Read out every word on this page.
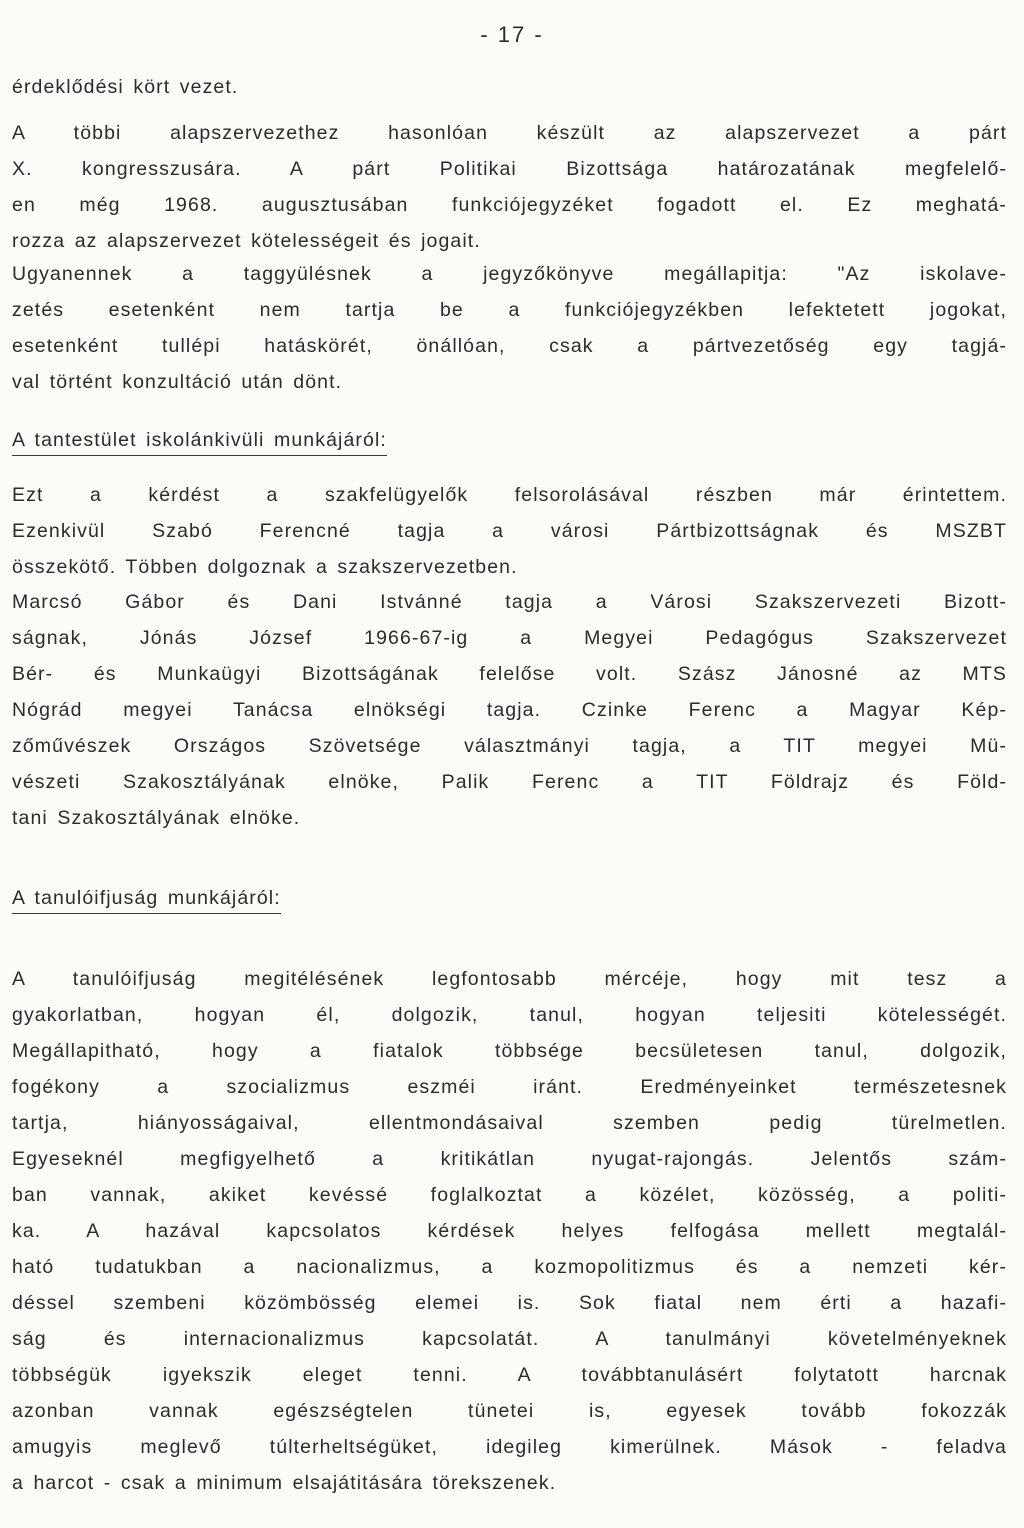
- 17 -
érdeklődési kört vezet.
A többi alapszervezethez hasonlóan készült az alapszervezet a párt
X. kongresszusára. A párt Politikai Bizottsága határozatának megfelelő-
en még 1968. augusztusában funkciójegyzéket fogadott el. Ez meghatá-
rozza az alapszervezet kötelességeit és jogait.
Ugyanennek a taggyülésnek a jegyzőkönyve megállapitja: "Az iskolave-
zetés esetenként nem tartja be a funkciójegyzékben lefektetett jogokat,
esetenként tullépi hatáskörét, önállóan, csak a pártvezetőség egy tagjá-
val történt konzultáció után dönt.
A tantestület iskolánkivüli munkájáról:
Ezt a kérdést a szakfelügyelők felsorolásával részben már érintettem.
Ezenkivül Szabó Ferencné tagja a városi Pártbizottságnak és MSZBT
összekötő. Többen dolgoznak a szakszervezetben.
Marcsó Gábor és Dani Istvánné tagja a Városi Szakszervezeti Bizott-
ságnak, Jónás József 1966-67-ig a Megyei Pedagógus Szakszervezet
Bér- és Munkaügyi Bizottságának felelőse volt. Szász Jánosné az MTS
Nógrád megyei Tanácsa elnökségi tagja. Czinke Ferenc a Magyar Kép-
zőművészek Országos Szövetsége választmányi tagja, a TIT megyei Mü-
vészeti Szakosztályának elnöke, Palik Ferenc a TIT Földrajz és Föld-
tani Szakosztályának elnöke.
A tanulóifjuság munkájáról:
A tanulóifjuság megitélésének legfontosabb mércéje, hogy mit tesz a
gyakorlatban, hogyan él, dolgozik, tanul, hogyan teljesiti kötelességét.
Megállapitható, hogy a fiatalok többsége becsületesen tanul, dolgozik,
fogékony a szocializmus eszméi iránt. Eredményeinket természetesnek
tartja, hiányosságaival, ellentmondásaival szemben pedig türelmetlen.
Egyeseknél megfigyelhető a kritikátlan nyugat-rajongás. Jelentős szám-
ban vannak, akiket kevéssé foglalkoztat a közélet, közösség, a politi-
ka. A hazával kapcsolatos kérdések helyes felfogása mellett megtalál-
ható tudatukban a nacionalizmus, a kozmopolitizmus és a nemzeti kér-
déssel szembeni közömbösség elemei is. Sok fiatal nem érti a hazafi-
ság és internacionalizmus kapcsolatát. A tanulmányi követelményeknek
többségük igyekszik eleget tenni. A továbbtanulásért folytatott harcnak
azonban vannak egészségtelen tünetei is, egyesek tovább fokozzák
amugyis meglevő túlterheltségüket, idegileg kimerülnek. Mások - feladva
a harcot - csak a minimum elsajátitására törekszenek.
